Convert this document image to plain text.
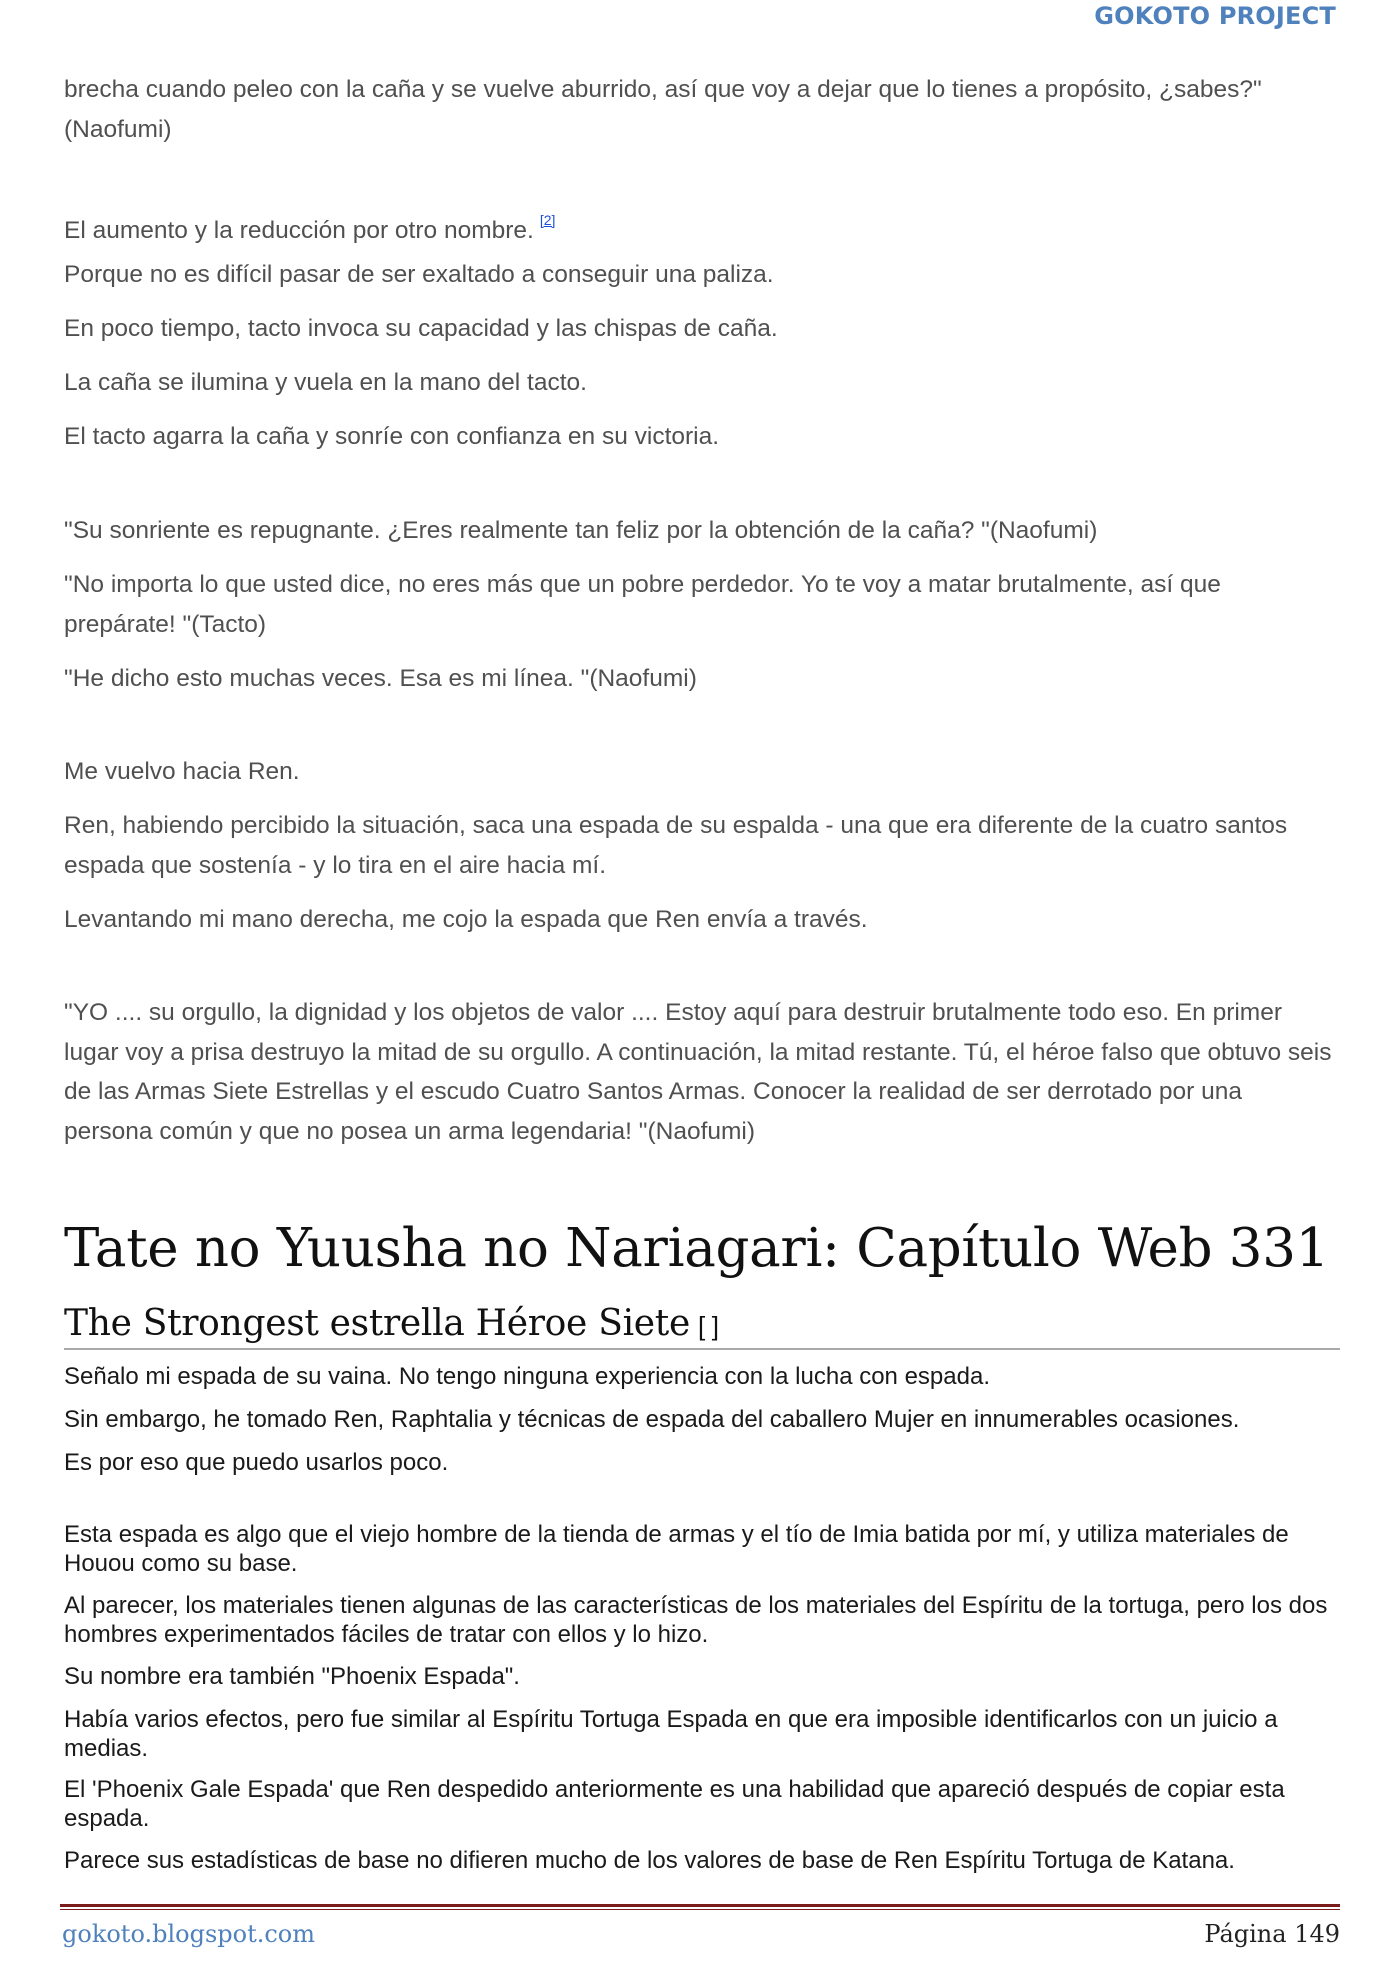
GOKOTO PROJECT

brecha cuando peleo con la caña y se vuelve aburrido, así que voy a dejar que lo tienes a propósito, ¿sabes?" (Naofumi)

El aumento y la reducción por otro nombre. [2]

Porque no es difícil pasar de ser exaltado a conseguir una paliza.

En poco tiempo, tacto invoca su capacidad y las chispas de caña.

La caña se ilumina y vuela en la mano del tacto.

El tacto agarra la caña y sonríe con confianza en su victoria.

"Su sonriente es repugnante. ¿Eres realmente tan feliz por la obtención de la caña? "(Naofumi)

"No importa lo que usted dice, no eres más que un pobre perdedor. Yo te voy a matar brutalmente, así que prepárate! "(Tacto)

"He dicho esto muchas veces. Esa es mi línea. "(Naofumi)

Me vuelvo hacia Ren.

Ren, habiendo percibido la situación, saca una espada de su espalda - una que era diferente de la cuatro santos espada que sostenía - y lo tira en el aire hacia mí.

Levantando mi mano derecha, me cojo la espada que Ren envía a través.

"YO .... su orgullo, la dignidad y los objetos de valor .... Estoy aquí para destruir brutalmente todo eso. En primer lugar voy a prisa destruyo la mitad de su orgullo. A continuación, la mitad restante. Tú, el héroe falso que obtuvo seis de las Armas Siete Estrellas y el escudo Cuatro Santos Armas. Conocer la realidad de ser derrotado por una persona común y que no posea un arma legendaria! "(Naofumi)

Tate no Yuusha no Nariagari: Capítulo Web 331
The Strongest estrella Héroe Siete [ ]

Señalo mi espada de su vaina. No tengo ninguna experiencia con la lucha con espada.

Sin embargo, he tomado Ren, Raphtalia y técnicas de espada del caballero Mujer en innumerables ocasiones.

Es por eso que puedo usarlos poco.

Esta espada es algo que el viejo hombre de la tienda de armas y el tío de Imia batida por mí, y utiliza materiales de Houou como su base.

Al parecer, los materiales tienen algunas de las características de los materiales del Espíritu de la tortuga, pero los dos hombres experimentados fáciles de tratar con ellos y lo hizo.

Su nombre era también "Phoenix Espada".

Había varios efectos, pero fue similar al Espíritu Tortuga Espada en que era imposible identificarlos con un juicio a medias.

El 'Phoenix Gale Espada' que Ren despedido anteriormente es una habilidad que apareció después de copiar esta espada.

Parece sus estadísticas de base no difieren mucho de los valores de base de Ren Espíritu Tortuga de Katana.

gokoto.blogspot.com	Página 149
